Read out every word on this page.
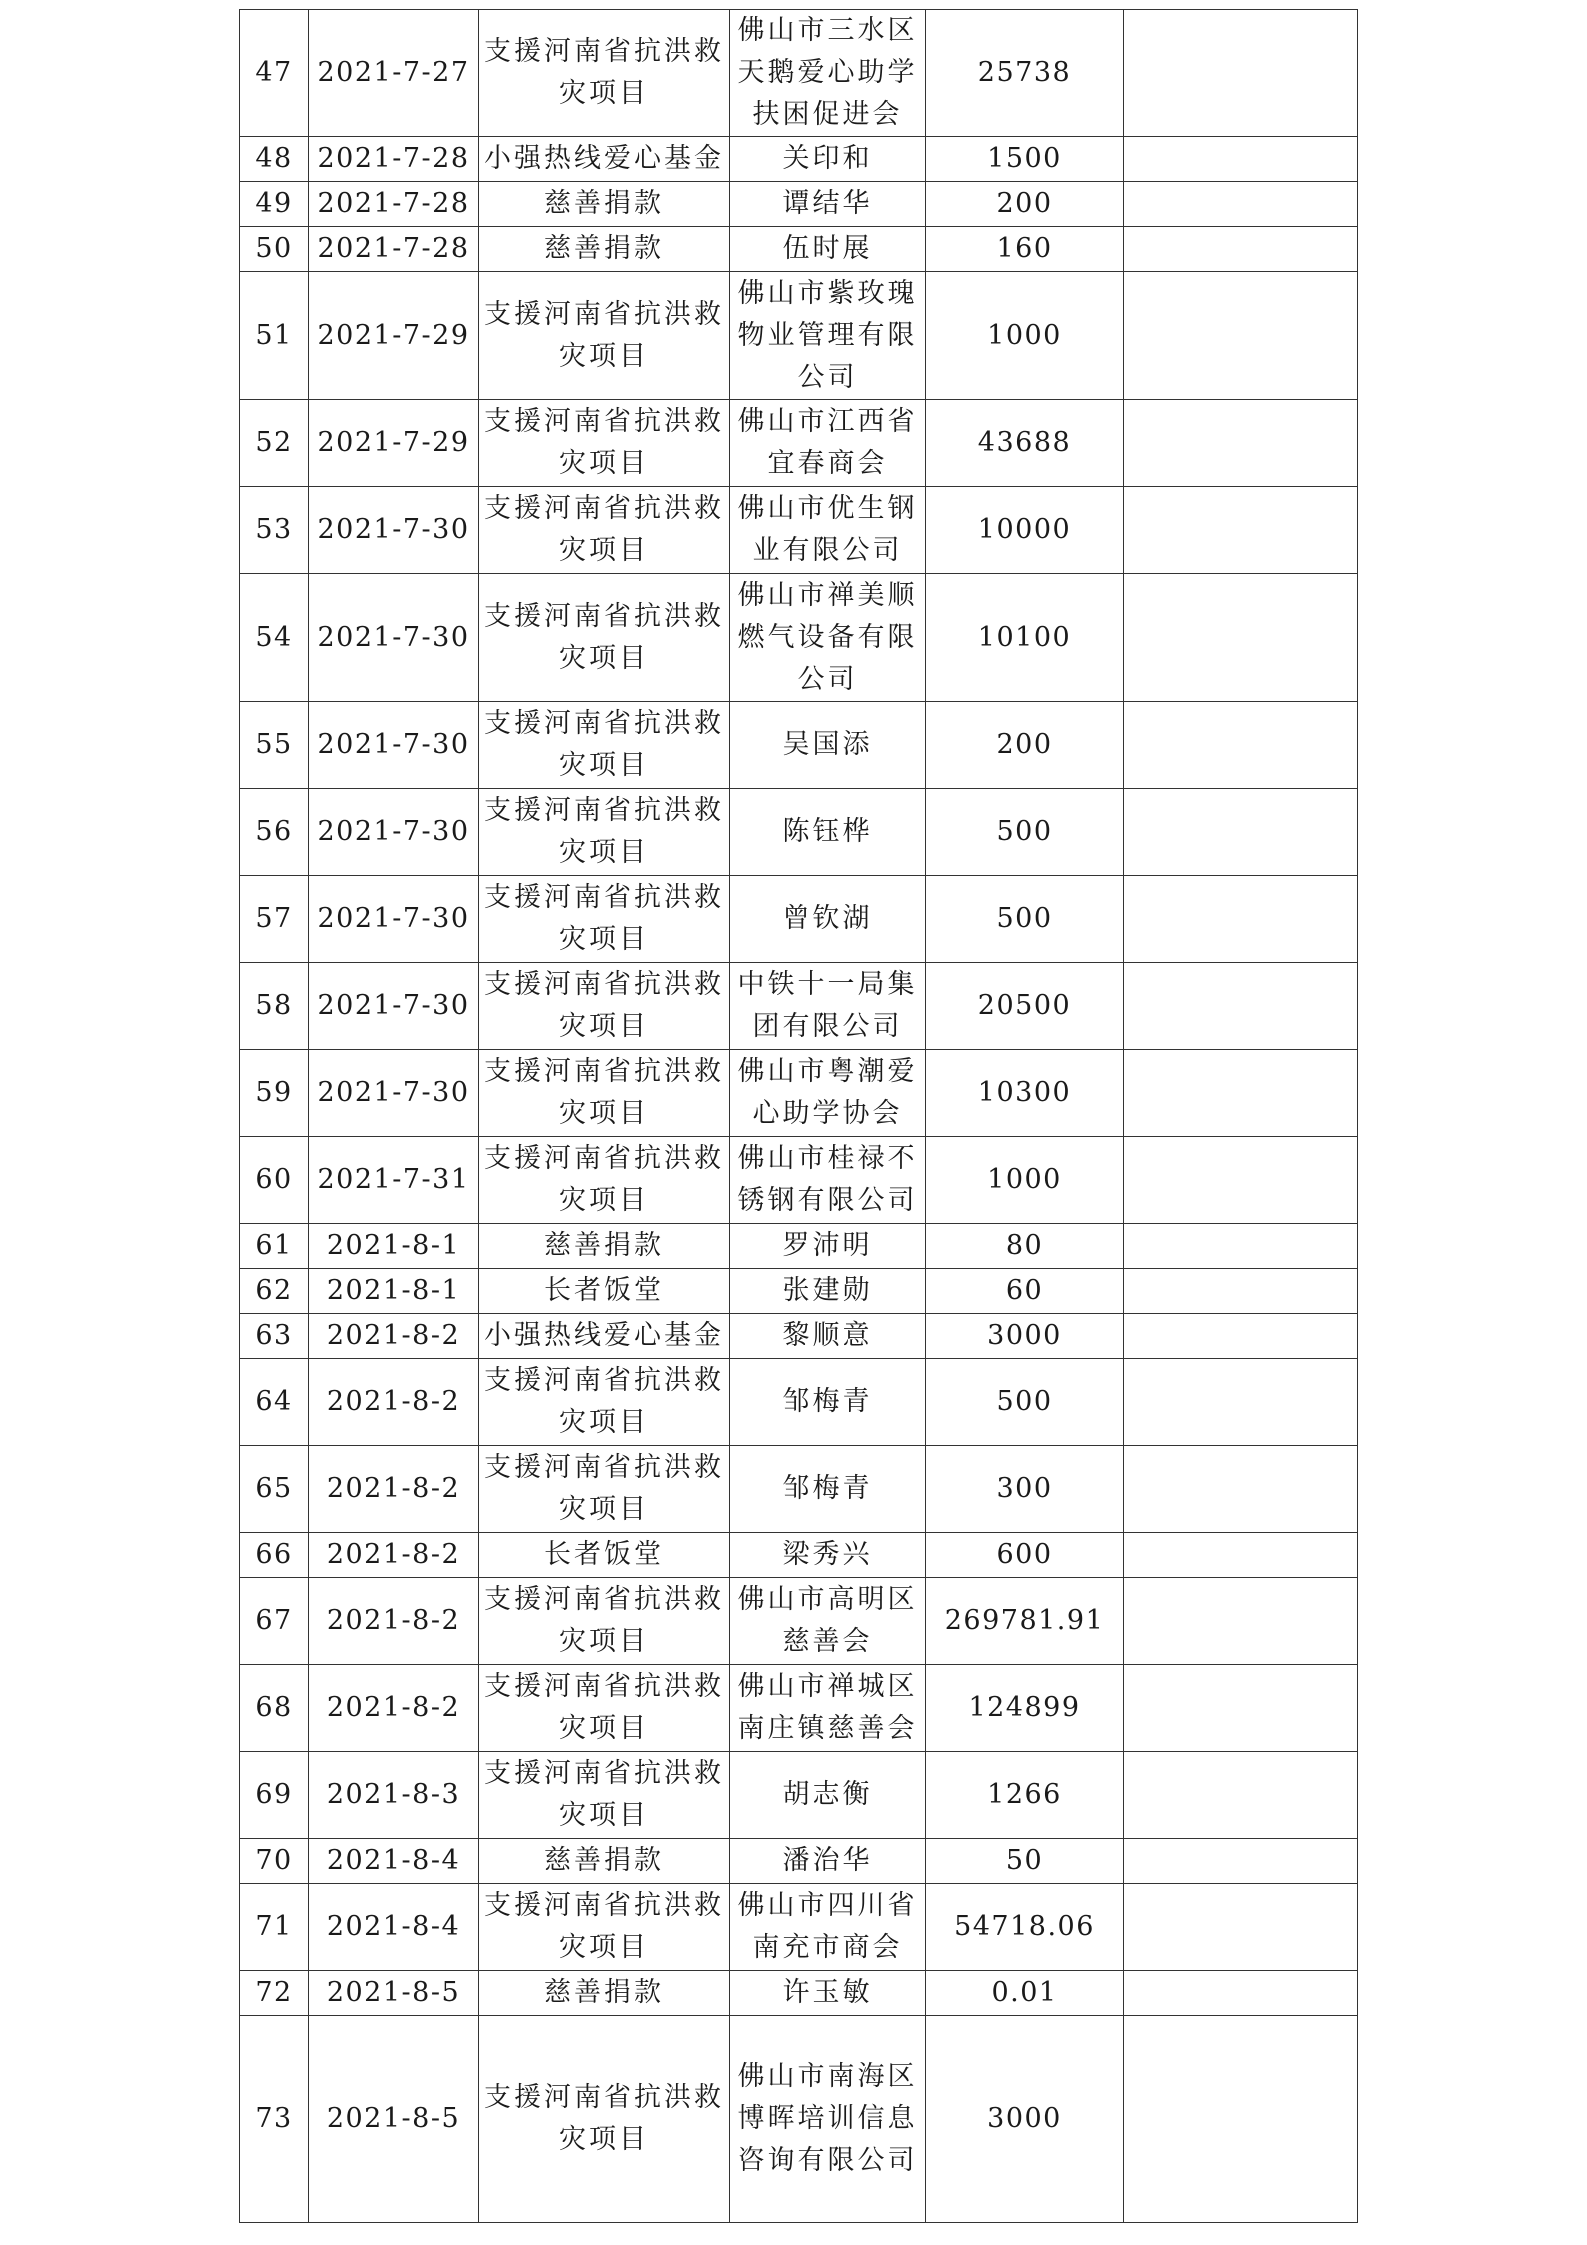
47	2021-7-27	支援河南省抗洪救灾项目	佛山市三水区天鹅爱心助学扶困促进会	25738	
48	2021-7-28	小强热线爱心基金	关印和	1500	
49	2021-7-28	慈善捐款	谭结华	200	
50	2021-7-28	慈善捐款	伍时展	160	
51	2021-7-29	支援河南省抗洪救灾项目	佛山市紫玫瑰物业管理有限公司	1000	
52	2021-7-29	支援河南省抗洪救灾项目	佛山市江西省宜春商会	43688	
53	2021-7-30	支援河南省抗洪救灾项目	佛山市优生钢业有限公司	10000	
54	2021-7-30	支援河南省抗洪救灾项目	佛山市禅美顺燃气设备有限公司	10100	
55	2021-7-30	支援河南省抗洪救灾项目	吴国添	200	
56	2021-7-30	支援河南省抗洪救灾项目	陈钰桦	500	
57	2021-7-30	支援河南省抗洪救灾项目	曾钦湖	500	
58	2021-7-30	支援河南省抗洪救灾项目	中铁十一局集团有限公司	20500	
59	2021-7-30	支援河南省抗洪救灾项目	佛山市粤潮爱心助学协会	10300	
60	2021-7-31	支援河南省抗洪救灾项目	佛山市桂禄不锈钢有限公司	1000	
61	2021-8-1	慈善捐款	罗沛明	80	
62	2021-8-1	长者饭堂	张建勋	60	
63	2021-8-2	小强热线爱心基金	黎顺意	3000	
64	2021-8-2	支援河南省抗洪救灾项目	邹梅青	500	
65	2021-8-2	支援河南省抗洪救灾项目	邹梅青	300	
66	2021-8-2	长者饭堂	梁秀兴	600	
67	2021-8-2	支援河南省抗洪救灾项目	佛山市高明区慈善会	269781.91	
68	2021-8-2	支援河南省抗洪救灾项目	佛山市禅城区南庄镇慈善会	124899	
69	2021-8-3	支援河南省抗洪救灾项目	胡志衡	1266	
70	2021-8-4	慈善捐款	潘治华	50	
71	2021-8-4	支援河南省抗洪救灾项目	佛山市四川省南充市商会	54718.06	
72	2021-8-5	慈善捐款	许玉敏	0.01	
73	2021-8-5	支援河南省抗洪救灾项目	佛山市南海区博晖培训信息咨询有限公司	3000	
